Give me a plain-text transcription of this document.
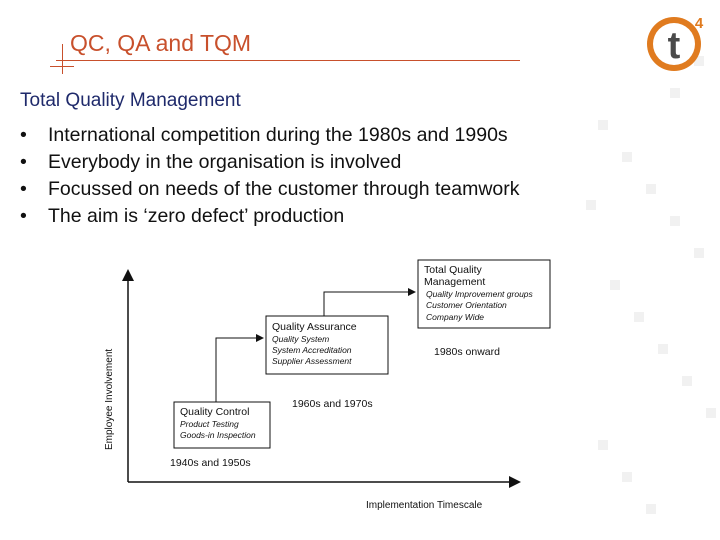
QC, QA and TQM	t
4
Total Quality Management
• International competition during the 1980s and 1990s
• Everybody in the organisation is involved
• Focussed on needs of the customer through teamwork
• The aim is ‘zero defect’ production
Employee Involvement
Implementation Timescale
Quality Control
Product Testing
Goods-in Inspection
1940s and 1950s
Quality Assurance
Quality System
System Accreditation
Supplier Assessment
1960s and 1970s
Total Quality
Management
Quality Improvement groups
Customer Orientation
Company Wide
1980s onward
